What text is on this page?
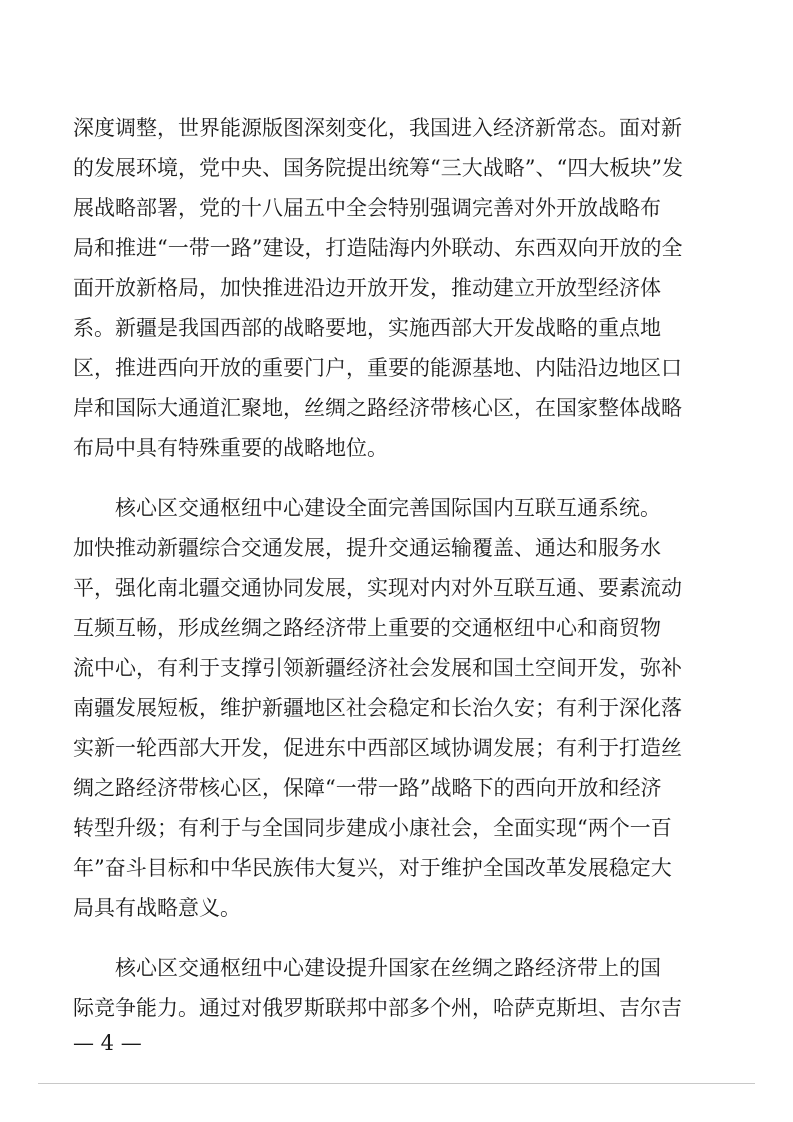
深度调整，世界能源版图深刻变化，我国进入经济新常态。面对新
的发展环境，党中央、国务院提出统筹“三大战略”、“四大板块”发
展战略部署，党的十八届五中全会特别强调完善对外开放战略布
局和推进“一带一路”建设，打造陆海内外联动、东西双向开放的全
面开放新格局，加快推进沿边开放开发，推动建立开放型经济体
系。新疆是我国西部的战略要地，实施西部大开发战略的重点地
区，推进西向开放的重要门户，重要的能源基地、内陆沿边地区口
岸和国际大通道汇聚地，丝绸之路经济带核心区，在国家整体战略
布局中具有特殊重要的战略地位。
　　核心区交通枢纽中心建设全面完善国际国内互联互通系统。
加快推动新疆综合交通发展，提升交通运输覆盖、通达和服务水
平，强化南北疆交通协同发展，实现对内对外互联互通、要素流动
互频互畅，形成丝绸之路经济带上重要的交通枢纽中心和商贸物
流中心，有利于支撑引领新疆经济社会发展和国土空间开发，弥补
南疆发展短板，维护新疆地区社会稳定和长治久安；有利于深化落
实新一轮西部大开发，促进东中西部区域协调发展；有利于打造丝
绸之路经济带核心区，保障“一带一路”战略下的西向开放和经济
转型升级；有利于与全国同步建成小康社会，全面实现“两个一百
年”奋斗目标和中华民族伟大复兴，对于维护全国改革发展稳定大
局具有战略意义。
　　核心区交通枢纽中心建设提升国家在丝绸之路经济带上的国
际竞争能力。通过对俄罗斯联邦中部多个州，哈萨克斯坦、吉尔吉
— 4 —
